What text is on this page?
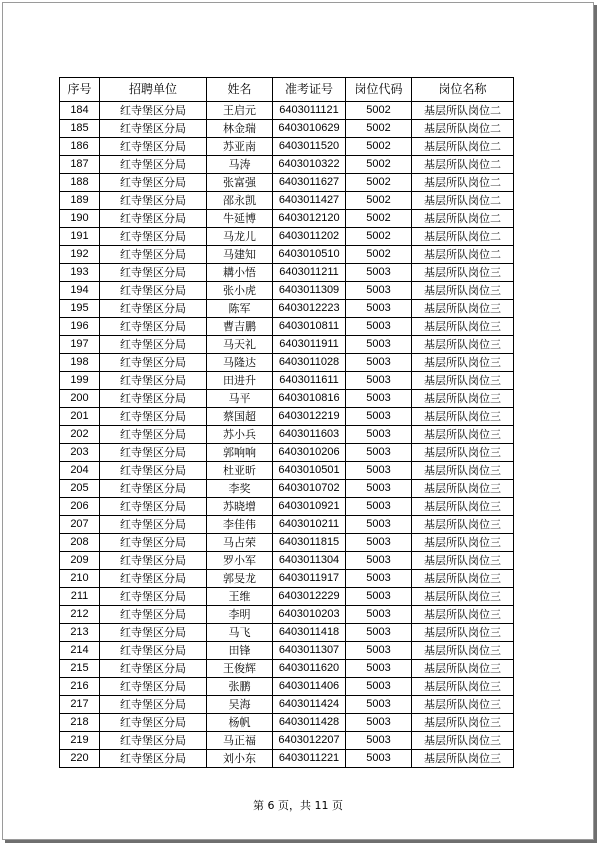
序号	招聘单位	姓名	准考证号	岗位代码	岗位名称
184	红寺堡区分局	王启元	6403011121	5002	基层所队岗位二
185	红寺堡区分局	林金瑞	6403010629	5002	基层所队岗位二
186	红寺堡区分局	苏亚南	6403011520	5002	基层所队岗位二
187	红寺堡区分局	马涛	6403010322	5002	基层所队岗位二
188	红寺堡区分局	张富强	6403011627	5002	基层所队岗位二
189	红寺堡区分局	邵永凯	6403011427	5002	基层所队岗位二
190	红寺堡区分局	牛延博	6403012120	5002	基层所队岗位二
191	红寺堡区分局	马龙儿	6403011202	5002	基层所队岗位二
192	红寺堡区分局	马建知	6403010510	5002	基层所队岗位二
193	红寺堡区分局	耩小悟	6403011211	5003	基层所队岗位三
194	红寺堡区分局	张小虎	6403011309	5003	基层所队岗位三
195	红寺堡区分局	陈军	6403012223	5003	基层所队岗位三
196	红寺堡区分局	曹吉鹏	6403010811	5003	基层所队岗位三
197	红寺堡区分局	马天礼	6403011911	5003	基层所队岗位三
198	红寺堡区分局	马隆达	6403011028	5003	基层所队岗位三
199	红寺堡区分局	田进升	6403011611	5003	基层所队岗位三
200	红寺堡区分局	马平	6403010816	5003	基层所队岗位三
201	红寺堡区分局	蔡国超	6403012219	5003	基层所队岗位三
202	红寺堡区分局	苏小兵	6403011603	5003	基层所队岗位三
203	红寺堡区分局	郭响响	6403010206	5003	基层所队岗位三
204	红寺堡区分局	杜亚昕	6403010501	5003	基层所队岗位三
205	红寺堡区分局	李奖	6403010702	5003	基层所队岗位三
206	红寺堡区分局	苏晓增	6403010921	5003	基层所队岗位三
207	红寺堡区分局	李佳伟	6403010211	5003	基层所队岗位三
208	红寺堡区分局	马占荣	6403011815	5003	基层所队岗位三
209	红寺堡区分局	罗小军	6403011304	5003	基层所队岗位三
210	红寺堡区分局	郭旻龙	6403011917	5003	基层所队岗位三
211	红寺堡区分局	王维	6403012229	5003	基层所队岗位三
212	红寺堡区分局	李明	6403010203	5003	基层所队岗位三
213	红寺堡区分局	马飞	6403011418	5003	基层所队岗位三
214	红寺堡区分局	田锋	6403011307	5003	基层所队岗位三
215	红寺堡区分局	王俊辉	6403011620	5003	基层所队岗位三
216	红寺堡区分局	张鹏	6403011406	5003	基层所队岗位三
217	红寺堡区分局	吴海	6403011424	5003	基层所队岗位三
218	红寺堡区分局	杨帆	6403011428	5003	基层所队岗位三
219	红寺堡区分局	马正福	6403012207	5003	基层所队岗位三
220	红寺堡区分局	刘小东	6403011221	5003	基层所队岗位三
第 6 页，共 11 页
